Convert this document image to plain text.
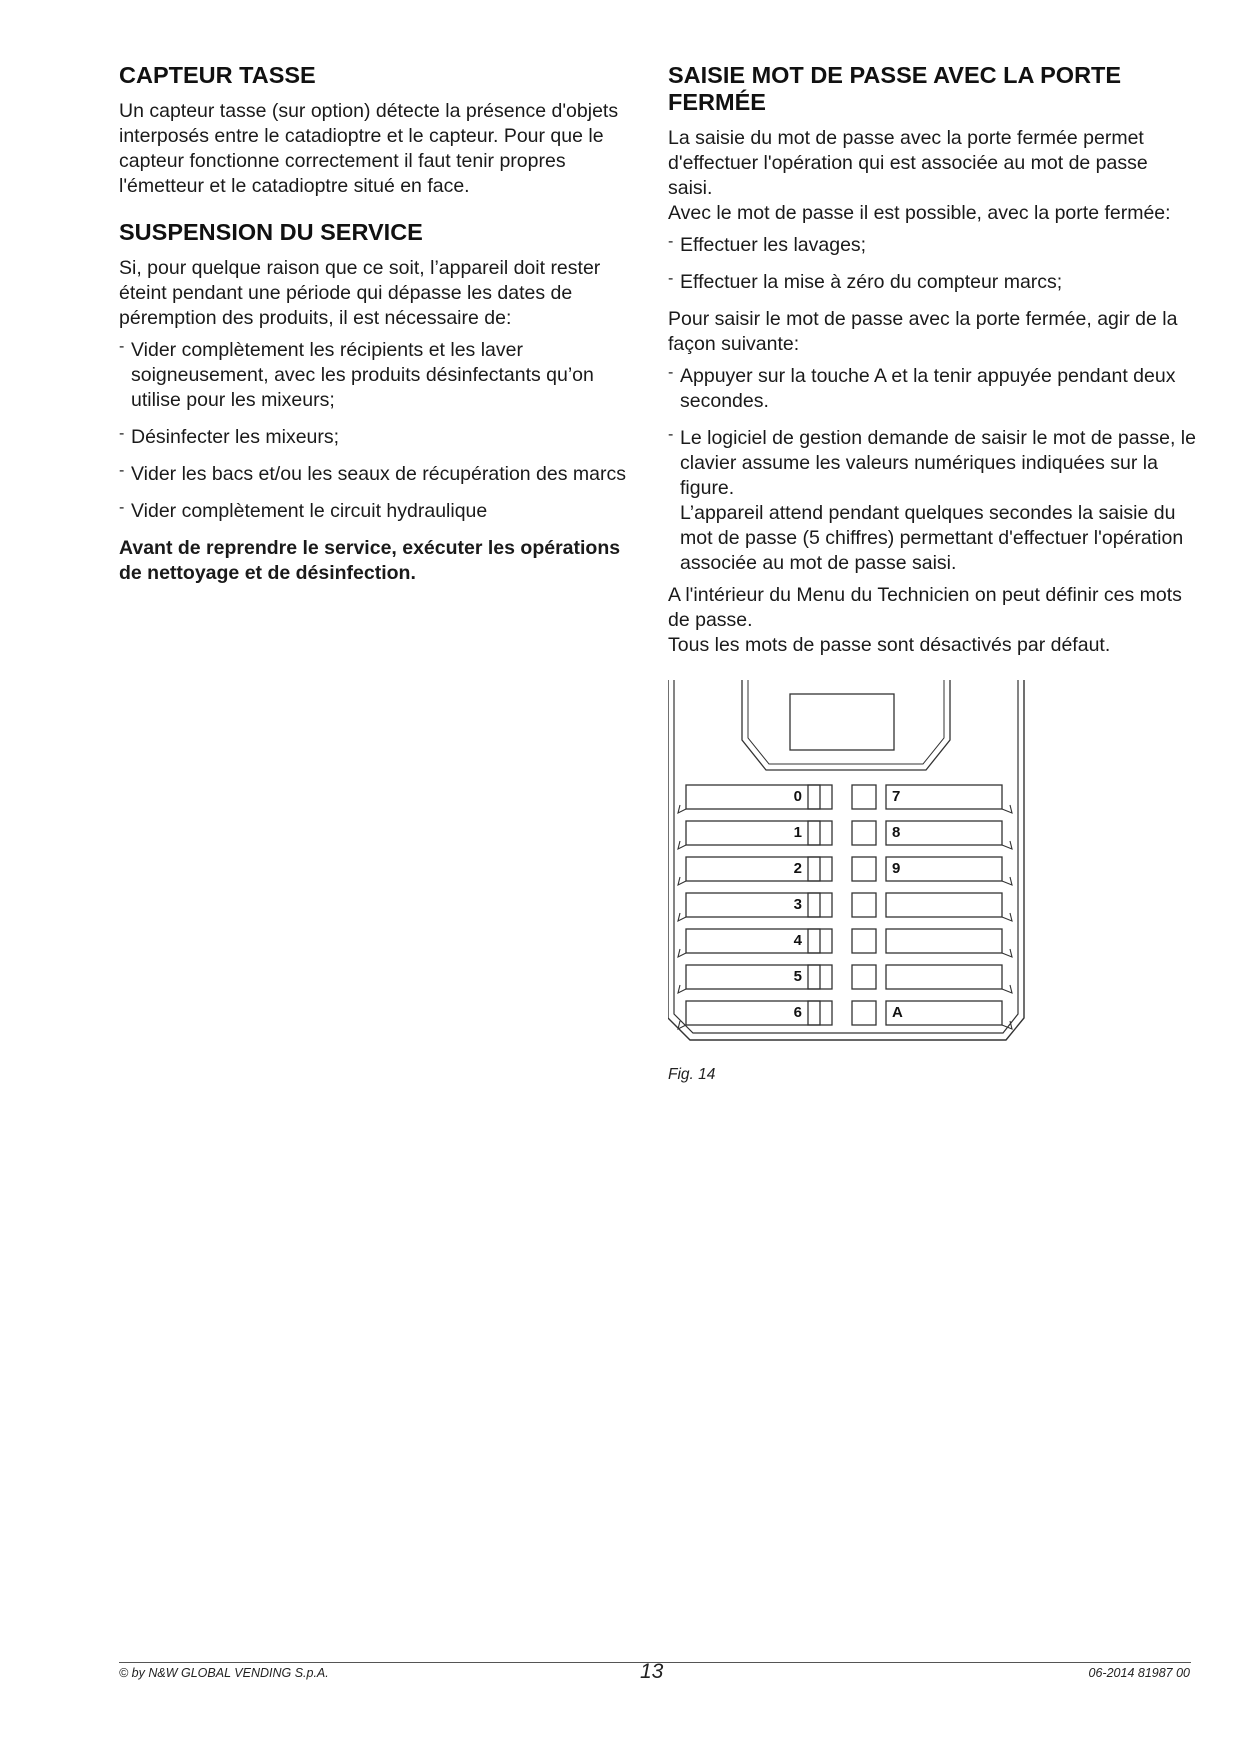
CAPTEUR TASSE

Un capteur tasse (sur option) détecte la présence d'objets interposés entre le catadioptre et le capteur. Pour que le capteur fonctionne correctement il faut tenir propres l'émetteur et le catadioptre situé en face.

SUSPENSION DU SERVICE

Si, pour quelque raison que ce soit, l’appareil doit rester éteint pendant une période qui dépasse les dates de péremption des produits, il est nécessaire de:

- Vider complètement les récipients et les laver soigneusement, avec les produits désinfectants qu’on utilise pour les mixeurs;

- Désinfecter les mixeurs;

- Vider les bacs et/ou les seaux de récupération des marcs

- Vider complètement le circuit hydraulique

Avant de reprendre le service, exécuter les opérations de nettoyage et de désinfection.

SAISIE MOT DE PASSE AVEC LA PORTE FERMÉE

La saisie du mot de passe avec la porte fermée permet d'effectuer l'opération qui est associée au mot de passe saisi.

Avec le mot de passe il est possible, avec la porte fermée:

- Effectuer les lavages;

- Effectuer la mise à zéro du compteur marcs;

Pour saisir le mot de passe avec la porte fermée, agir de la façon suivante:

- Appuyer sur la touche A et la tenir appuyée pendant deux secondes.

- Le logiciel de gestion demande de saisir le mot de passe, le clavier assume les valeurs numériques indiquées sur la figure.

L’appareil attend pendant quelques secondes la saisie du mot de passe (5 chiffres) permettant d'effectuer l'opération associée au mot de passe saisi.

A l'intérieur du Menu du Technicien on peut définir ces mots de passe.

Tous les mots de passe sont désactivés par défaut.

0	7
1	8
2	9
3
4
5
6	A
Fig. 14
© by N&W GLOBAL VENDING S.p.A.	13	06-2014 81987 00
